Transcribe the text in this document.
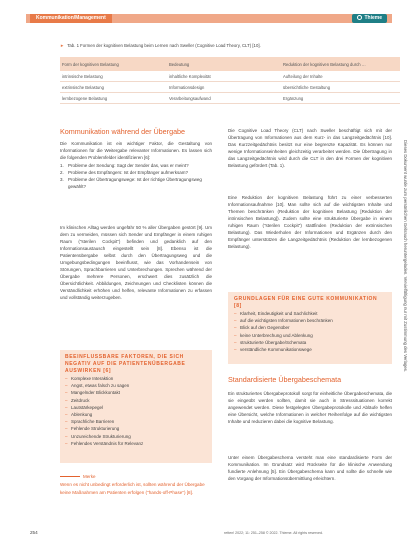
Kommunikation/Management	Thieme
► Tab. 1 Formen der kognitiven Belastung beim Lernen nach Sweller (Cognitive Load Theory, CLT) [10].
Form der kognitiven Belastung	Bedeutung	Reduktion der kognitiven Belastung durch …
intrinsische Belastung	inhaltliche Komplexität	Aufteilung der Inhalte
extrinsische Belastung	Informationsdesign	übersichtliche Gestaltung
lernbezogene Belastung	Verarbeitungsaufwand	Ergänzung
Kommunikation während der Übergabe
Die Kommunikation ist ein wichtiger Faktor, die Gestaltung von Informationen für die Weitergabe relevanter Informationen. Es lassen sich die folgenden Problemfelder identifizieren [6]:
1. Probleme der Sendung: Sagt der Sender das, was er meint?
2. Probleme des Empfängers: Ist der Empfänger aufmerksam?
3. Probleme der Übertragungswege: Ist der richtige Übertragungsweg gewählt?
Im klinischen Alltag werden ungefähr 50 % aller Übergaben gestört [9]. Um dem zu vermeiden, müssen sich Sender und Empfänger in einem ruhigen Raum ("sterilen Cockpit") befinden und gedanklich auf den Informationsaustausch eingestellt sein [8]. Ebenso ist die Patientenübergabe selbst durch den Übertragungsweg und die Umgebungsbedingungen beeinflusst, wie das Vorhandensein von Störungen, Sprachbarrieren und Unterbrechungen. Sprechen während der Übergabe mehrere Personen, erschwert dies zusätzlich die Übersichtlichkeit. Abbildungen, Zeichnungen und Checklisten können die Verständlichkeit erhöhen und helfen, relevante Informationen zu erfassen und vollständig weiterzugeben.
BEEINFLUSSBARE FAKTOREN, DIE SICH NEGATIV AUF DIE PATIENTENÜBERGABE AUSWIRKEN [6]
– Komplexe Interaktion
– Angst, etwas falsch zu sagen
– Mangelnder Blickkontakt
– Zeitdruck
– Lautstärkepegel
– Ablenkung
– Sprachliche Barrieren
– Fehlende Strukturierung
– Unzureichende Strukturierung
– Fehlendes Verständnis für Relevanz
Merke
Wenn es nicht unbedingt erforderlich ist, sollten während der Übergabe keine Maßnahmen am Patienten erfolgen ("hands-off-Phase") [8].
Die Cognitive Load Theory (CLT) nach Sweller beschäftigt sich mit der Übertragung von Informationen aus dem Kurz- in das Langzeitgedächtnis [10]. Das Kurzzeitgedächtnis besitzt nur eine begrenzte Kapazität. Es können nur wenige Informationseinheiten gleichzeitig verarbeitet werden. Die Übertragung in das Langzeitgedächtnis wird durch die CLT in den drei Formen der kognitiven Belastung gefördert (Tab. 1).
Eine Reduktion der kognitiven Belastung führt zu einer verbesserten Informationsaufnahme [10]. Man sollte sich auf die wichtigsten Inhalte und Themen beschränken (Reduktion der kognitiven Belastung [Reduktion der intrinsischen Belastung]). Zudem sollte eine strukturierte Übergabe in einem ruhigen Raum ("sterilen Cockpit") stattfinden (Reduktion der extrinsischen Belastung). Das Wiederholen der Informationen und Ergänzen durch den Empfänger unterstützen die Langzeitgedächtnis (Reduktion der lernbezogenen Belastung).
GRUNDLAGEN FÜR EINE GUTE KOMMUNIKATION [8]
– Klarheit, Eindeutigkeit und Sachlichkeit
– auf die wichtigsten Informationen beschränken
– Blick auf den Gegenüber
– keine Unterbrechung und Ablenkung
– strukturierte Übergabe/Schemata
– verständliche Kommunikationswege
Standardisierte Übergabeschemata
Ein strukturiertes Übergabeprotokoll sorgt für einheitliche Übergabeschemata, die sie eingeübt werden sollten, damit sie auch in Stresssituationen korrekt angewendet werden. Diese festgelegten Übergabeprotokolle und Abläufe helfen eine Übersicht, welche Informationen in welcher Reihenfolge auf die wichtigsten Inhalte und reduzieren dabei die kognitive Belastung.
Unter einem Übergabeschema versteht man eine standardisierte Form der Kommunikation. Im Grundsatz wird Rückseite für die klinische Anwendung fundierte Anlehnung [5]. Ein Übergabeschema kann und sollte die schnelle wie den Vorgang der Informationsübermittlung erleichtern.
254	retten! 2022; 11: 251–258 © 2022. Thieme. All rights reserved.
Dieses Dokument wurde zum persönlichen Gebrauch heruntergeladen. Vervielfältigung nur mit Zustimmung des Verlages.
